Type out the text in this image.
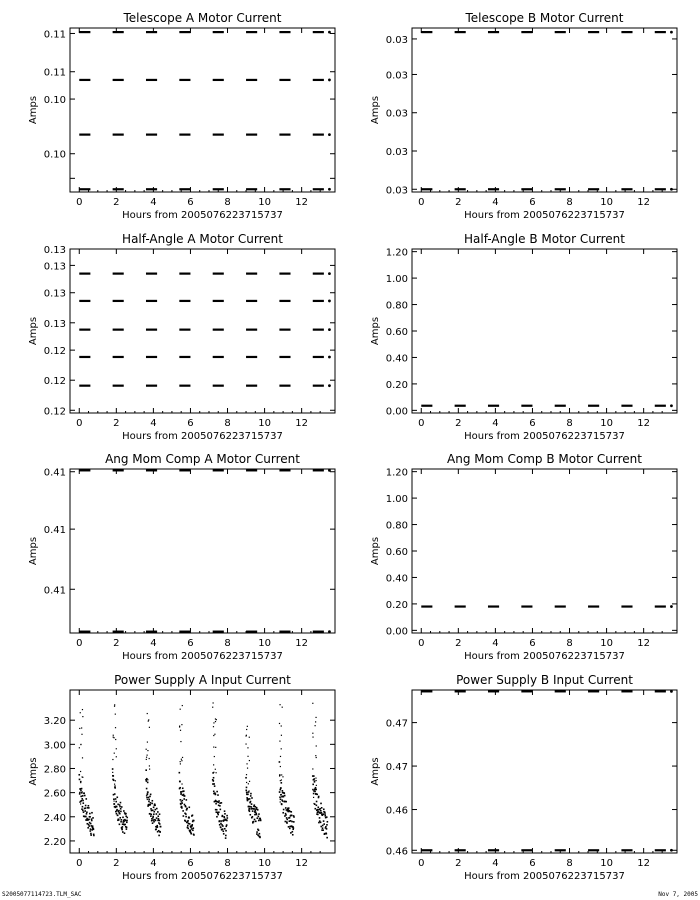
Telescope A Motor Current
Hours from 2005076223715737
Amps
0	2	4	6	8	10 12
0.10
0.10
0.11
0.11
Telescope B Motor Current
Hours from 2005076223715737
Amps
0	2	4	6	8	10 12
0.03
0.03
0.03
0.03
0.03
Half-Angle A Motor Current
Hours from 2005076223715737
Amps
0	2	4	6	8	10 12
0.12
0.12
0.12
0.13
0.13
0.13
0.13
Half-Angle B Motor Current
Hours from 2005076223715737
Amps
0	2	4	6	8	10 12
0.00
0.20
0.40
0.60
0.80
1.00
1.20
Ang Mom Comp A Motor Current
Hours from 2005076223715737
Amps
0	2	4	6	8	10 12
0.41
0.41
0.41
Ang Mom Comp B Motor Current
Hours from 2005076223715737
Amps
0	2	4	6	8	10 12
0.00
0.20
0.40
0.60
0.80
1.00
1.20
Power Supply A Input Current
Hours from 2005076223715737
Amps
0	2	4	6	8	10 12
2.20
2.40
2.60
2.80
3.00
3.20
Power Supply B Input Current
Hours from 2005076223715737
Amps
0	2	4	6	8	10 12
0.46
0.46
0.47
0.47
S2005077114723.TLM_SAC	Nov 7, 2005
